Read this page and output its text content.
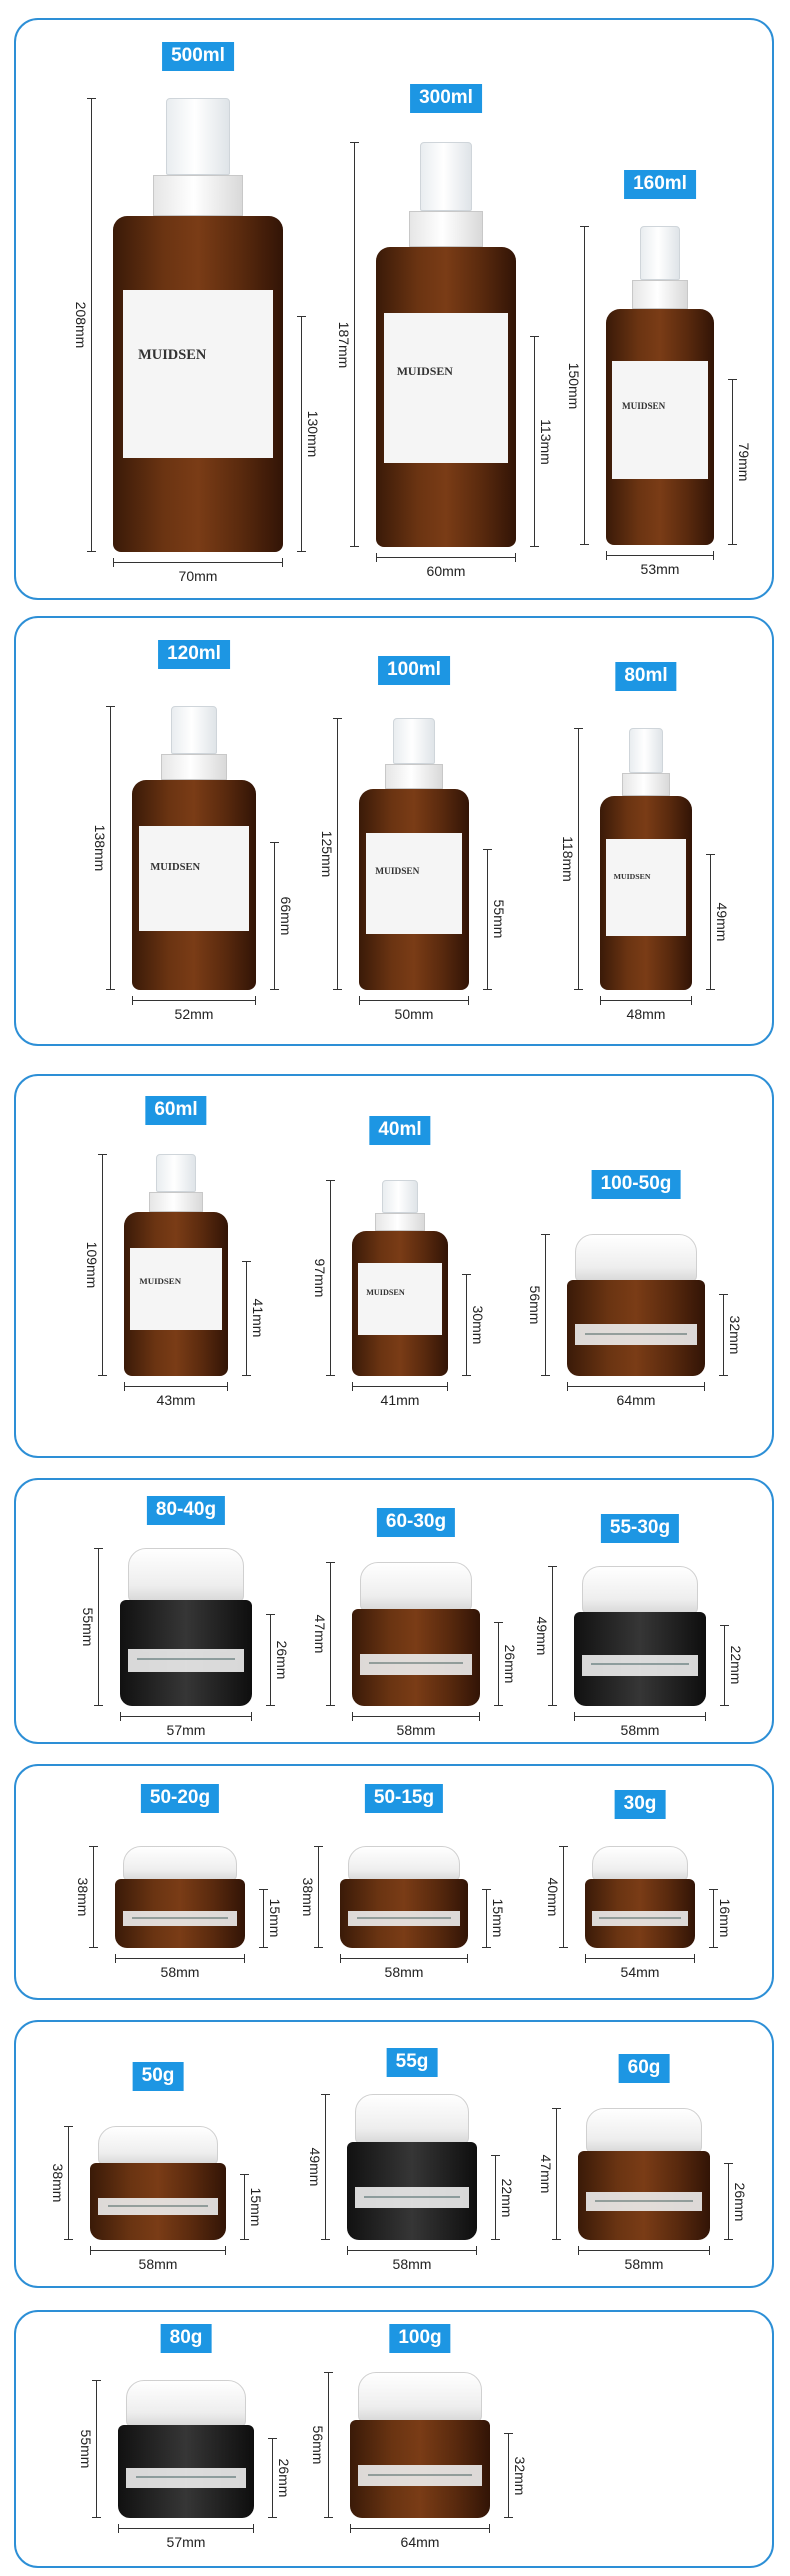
500ml
MUIDSEN
208mm
130mm
70mm
300ml
MUIDSEN
187mm
113mm
60mm
160ml
MUIDSEN
150mm
79mm
53mm
120ml
MUIDSEN
138mm
66mm
52mm
100ml
MUIDSEN
125mm
55mm
50mm
80ml
MUIDSEN
118mm
49mm
48mm
60ml
MUIDSEN
109mm
41mm
43mm
40ml
MUIDSEN
97mm
30mm
41mm
100-50g
56mm
32mm
64mm
80-40g
55mm
26mm
57mm
60-30g
47mm
26mm
58mm
55-30g
49mm
22mm
58mm
50-20g
38mm
15mm
58mm
50-15g
38mm
15mm
58mm
30g
40mm
16mm
54mm
50g
38mm
15mm
58mm
55g
49mm
22mm
58mm
60g
47mm
26mm
58mm
80g
55mm
26mm
57mm
100g
56mm
32mm
64mm
